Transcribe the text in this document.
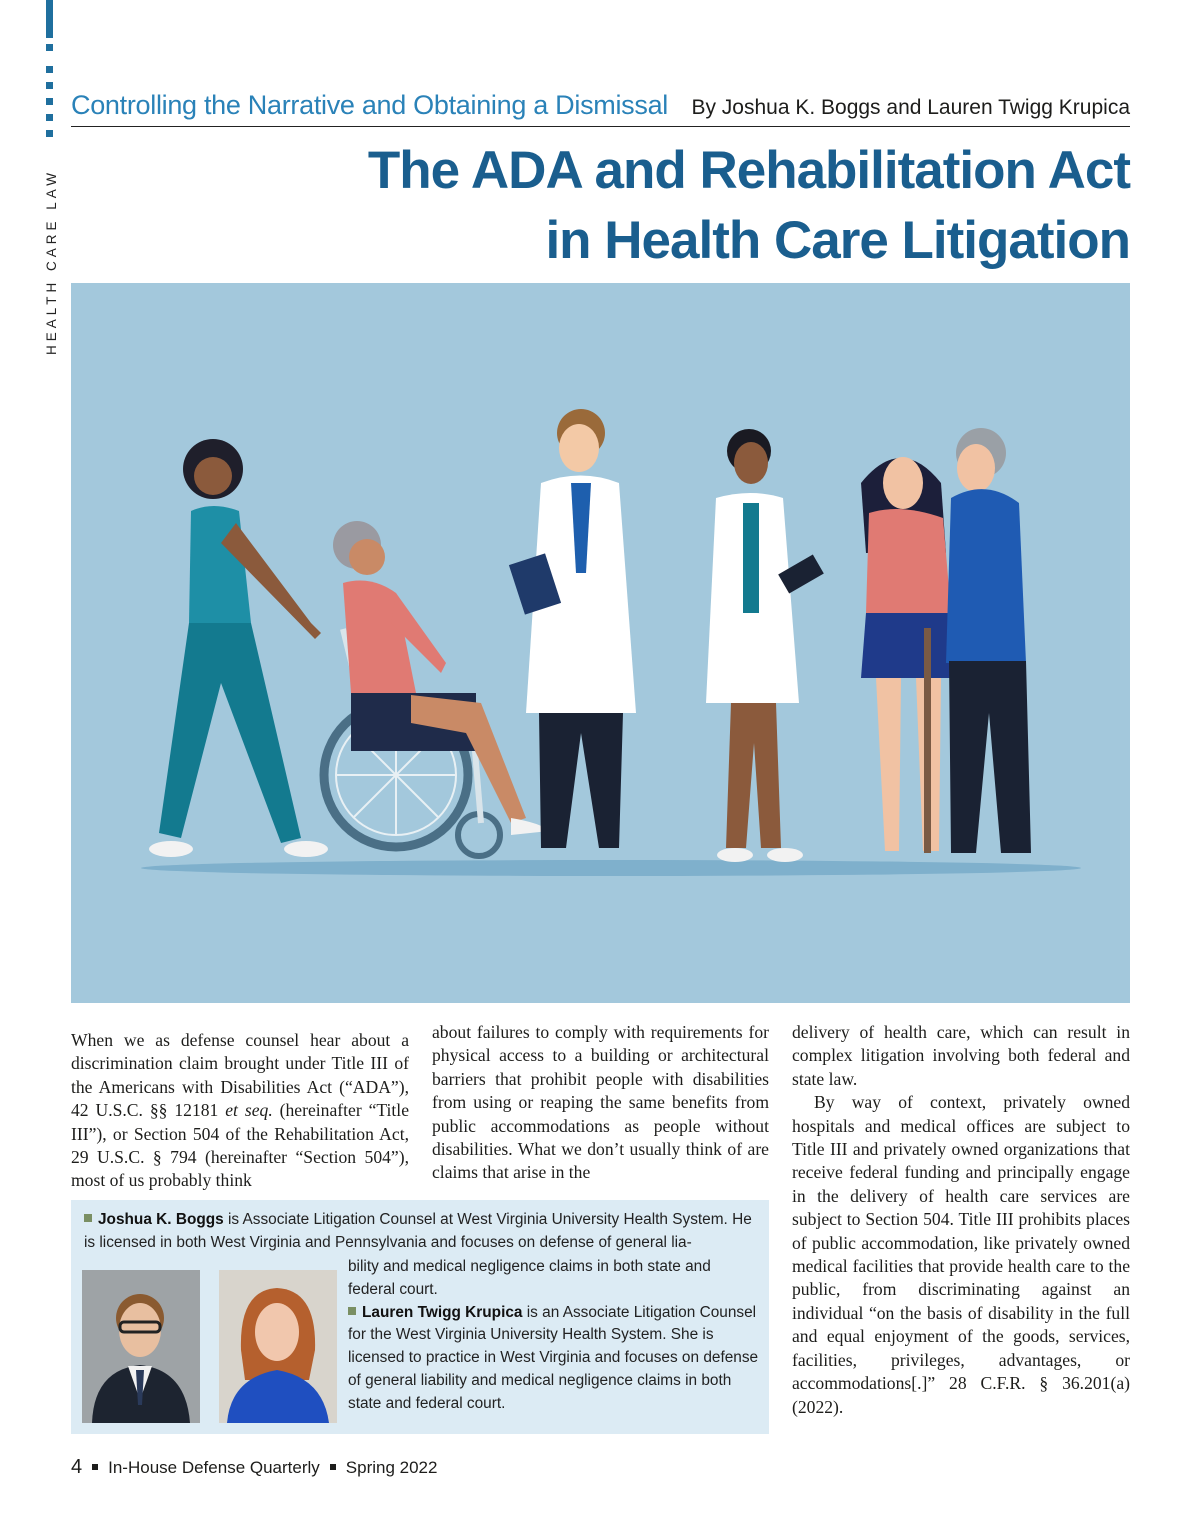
HEALTH CARE LAW
Controlling the Narrative and Obtaining a Dismissal By Joshua K. Boggs and Lauren Twigg Krupica
The ADA and Rehabilitation Act
in Health Care Litigation

When we as defense counsel hear about a discrimination claim brought under Title III of the Americans with Disabilities Act (“ADA”), 42 U.S.C. §§ 12181 et seq. (hereinafter “Title III”), or Section 504 of the Rehabilitation Act, 29 U.S.C. § 794 (hereinafter “Section 504”), most of us probably think

about failures to comply with requirements for physical access to a building or architectural barriers that prohibit people with disabilities from using or reaping the same benefits from public accommodations as people without disabilities. What we don’t usually think of are claims that arise in the

delivery of health care, which can result in complex litigation involving both federal and state law.

By way of context, privately owned hospitals and medical offices are subject to Title III and privately owned organizations that receive federal funding and principally engage in the delivery of health care services are subject to Section 504. Title III prohibits places of public accommodation, like privately owned medical facilities that provide health care to the public, from discriminating against an individual “on the basis of disability in the full and equal enjoyment of the goods, services, facilities, privileges, advantages, or accommodations[.]” 28 C.F.R. § 36.201(a) (2022).

Joshua K. Boggs is Associate Litigation Counsel at West Virginia University Health System. He is licensed in both West Virginia and Pennsylvania and focuses on defense of general lia-
bility and medical negligence claims in both state and federal court.
Lauren Twigg Krupica is an Associate Litigation Counsel for the West Virginia University Health System. She is licensed to practice in West Virginia and focuses on defense of general liability and medical negligence claims in both state and federal court.
4 In-House Defense Quarterly Spring 2022
